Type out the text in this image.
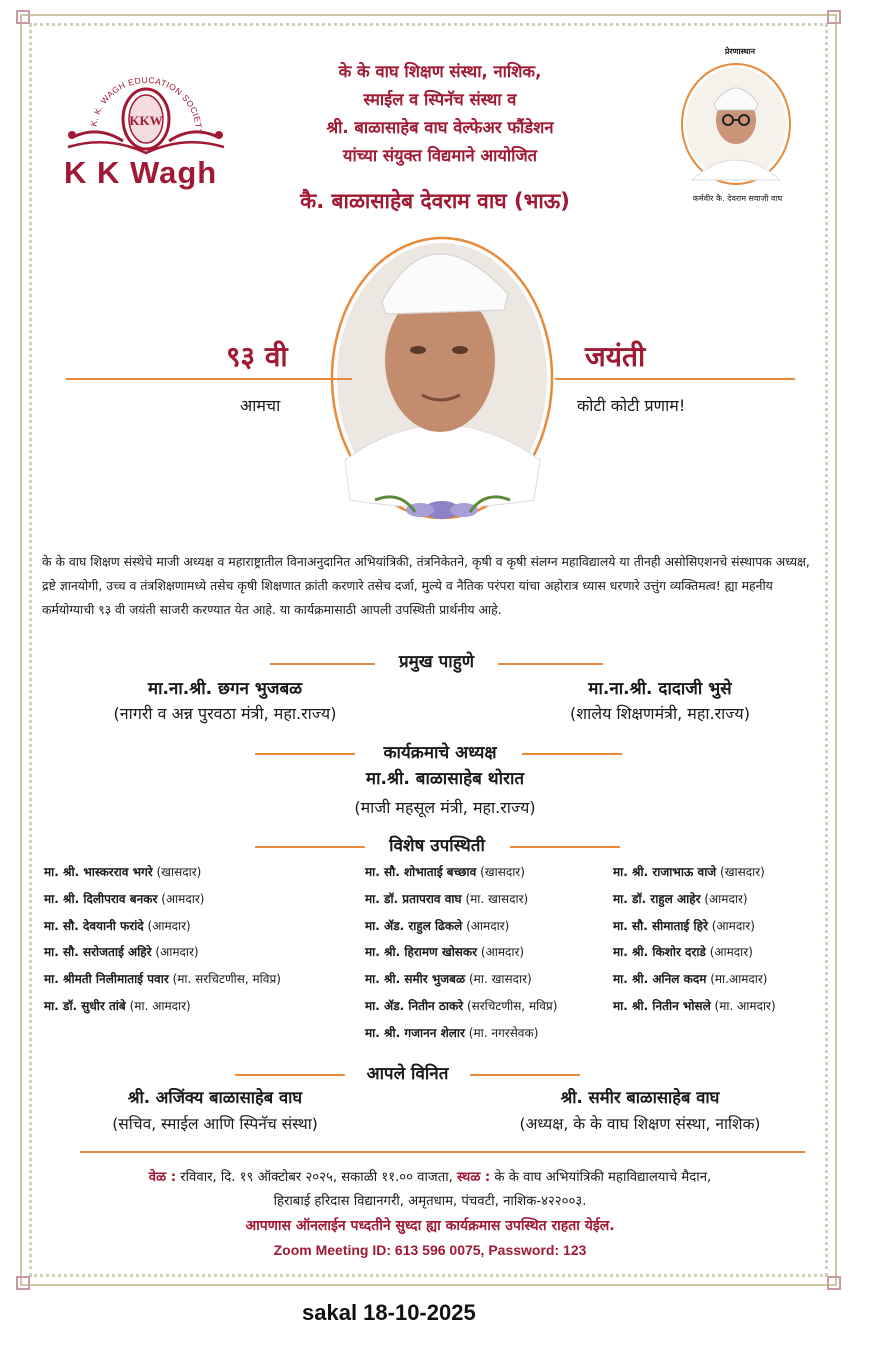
K. K. WAGH EDUCATION SOCIETY
KKW
K K Wagh
के के वाघ शिक्षण संस्था, नाशिक,
स्माईल व स्पिनॅच संस्था व
श्री. बाळासाहेब वाघ वेल्फेअर फौंडेशन
यांच्या संयुक्त विद्यमाने आयोजित
कै. बाळासाहेब देवराम वाघ (भाऊ)
प्रेरणास्थान
कर्मवीर कै. देवराम सवाजी वाघ
९३ वी	जयंती
आमचा	कोटी कोटी प्रणाम!
के के वाघ शिक्षण संस्थेचे माजी अध्यक्ष व महाराष्ट्रातील विनाअनुदानित अभियांत्रिकी, तंत्रनिकेतने, कृषी व कृषी संलग्न महाविद्यालये या तीनही असोसिएशनचे संस्थापक अध्यक्ष, द्रष्टे ज्ञानयोगी, उच्च व तंत्रशिक्षणामध्ये तसेच कृषी शिक्षणात क्रांती करणारे तसेच दर्जा, मुल्ये व नैतिक परंपरा यांचा अहोरात्र ध्यास धरणारे उत्तुंग व्यक्तिमत्व! ह्या महनीय कर्मयोग्याची ९३ वी जयंती साजरी करण्यात येत आहे. या कार्यक्रमासाठी आपली उपस्थिती प्रार्थनीय आहे.
प्रमुख पाहुणे
मा.ना.श्री. छगन भुजबळ
(नागरी व अन्न पुरवठा मंत्री, महा.राज्य)
मा.ना.श्री. दादाजी भुसे
(शालेय शिक्षणमंत्री, महा.राज्य)
कार्यक्रमाचे अध्यक्ष
मा.श्री. बाळासाहेब थोरात
(माजी महसूल मंत्री, महा.राज्य)
विशेष उपस्थिती
मा. श्री. भास्करराव भगरे (खासदार)
मा. श्री. दिलीपराव बनकर (आमदार)
मा. सौ. देवयानी फरांदे (आमदार)
मा. सौ. सरोजताई अहिरे (आमदार)
मा. श्रीमती निलीमाताई पवार (मा. सरचिटणीस, मविप्र)
मा. डॉ. सुधीर तांबे (मा. आमदार)
मा. सौ. शोभाताई बच्छाव (खासदार)
मा. डॉ. प्रतापराव वाघ (मा. खासदार)
मा. ॲड. राहुल ढिकले (आमदार)
मा. श्री. हिरामण खोसकर (आमदार)
मा. श्री. समीर भुजबळ (मा. खासदार)
मा. ॲड. नितीन ठाकरे (सरचिटणीस, मविप्र)
मा. श्री. गजानन शेलार (मा. नगरसेवक)
मा. श्री. राजाभाऊ वाजे (खासदार)
मा. डॉ. राहुल आहेर (आमदार)
मा. सौ. सीमाताई हिरे (आमदार)
मा. श्री. किशोर दराडे (आमदार)
मा. श्री. अनिल कदम (मा.आमदार)
मा. श्री. नितीन भोसले (मा. आमदार)
आपले विनित
श्री. अजिंक्य बाळासाहेब वाघ
(सचिव, स्माईल आणि स्पिनॅच संस्था)
श्री. समीर बाळासाहेब वाघ
(अध्यक्ष, के के वाघ शिक्षण संस्था, नाशिक)
वेळ : रविवार, दि. १९ ऑक्टोबर २०२५, सकाळी ११.०० वाजता, स्थळ : के के वाघ अभियांत्रिकी महाविद्यालयाचे मैदान,
हिराबाई हरिदास विद्यानगरी, अमृतधाम, पंचवटी, नाशिक-४२२००३.
आपणास ऑनलाईन पध्दतीने सुध्दा ह्या कार्यक्रमास उपस्थित राहता येईल.
Zoom Meeting ID: 613 596 0075, Password: 123
sakal 18-10-2025
